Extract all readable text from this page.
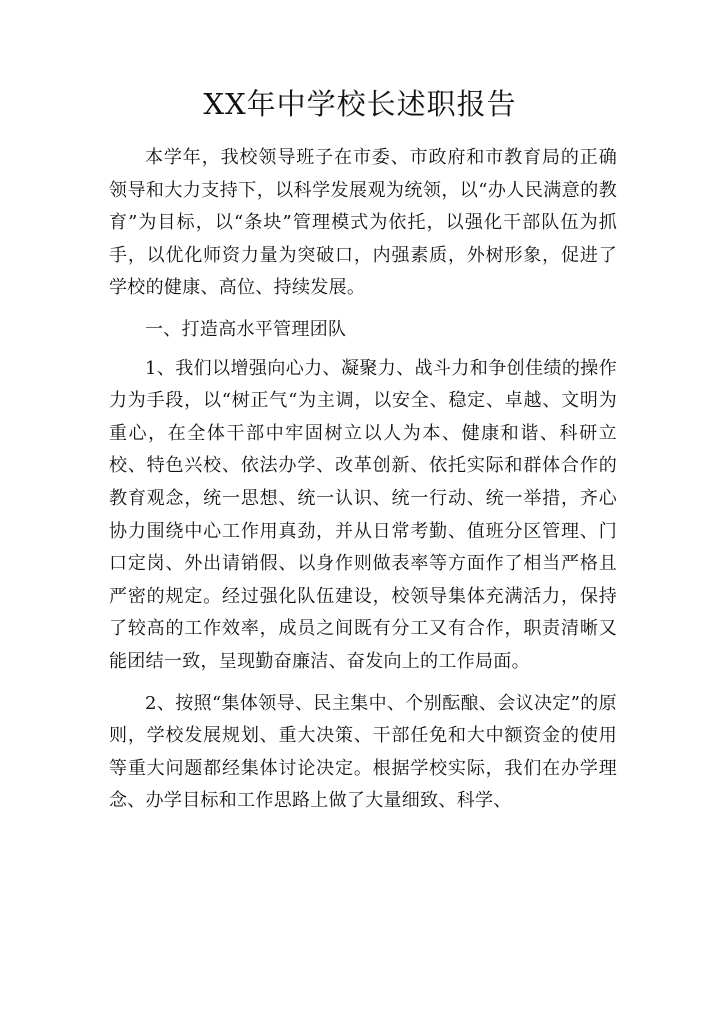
XX年中学校长述职报告

本学年，我校领导班子在市委、市政府和市教育局的正确领导和大力支持下，以科学发展观为统领，以“办人民满意的教育”为目标，以“条块”管理模式为依托，以强化干部队伍为抓手，以优化师资力量为突破口，内强素质，外树形象，促进了学校的健康、高位、持续发展。

一、打造高水平管理团队

1、我们以增强向心力、凝聚力、战斗力和争创佳绩的操作力为手段，以“树正气“为主调，以安全、稳定、卓越、文明为重心，在全体干部中牢固树立以人为本、健康和谐、科研立校、特色兴校、依法办学、改革创新、依托实际和群体合作的教育观念，统一思想、统一认识、统一行动、统一举措，齐心协力围绕中心工作用真劲，并从日常考勤、值班分区管理、门口定岗、外出请销假、以身作则做表率等方面作了相当严格且严密的规定。经过强化队伍建设，校领导集体充满活力，保持了较高的工作效率，成员之间既有分工又有合作，职责清晰又能团结一致，呈现勤奋廉洁、奋发向上的工作局面。

2、按照“集体领导、民主集中、个别酝酿、会议决定”的原则，学校发展规划、重大决策、干部任免和大中额资金的使用等重大问题都经集体讨论决定。根据学校实际，我们在办学理念、办学目标和工作思路上做了大量细致、科学、
